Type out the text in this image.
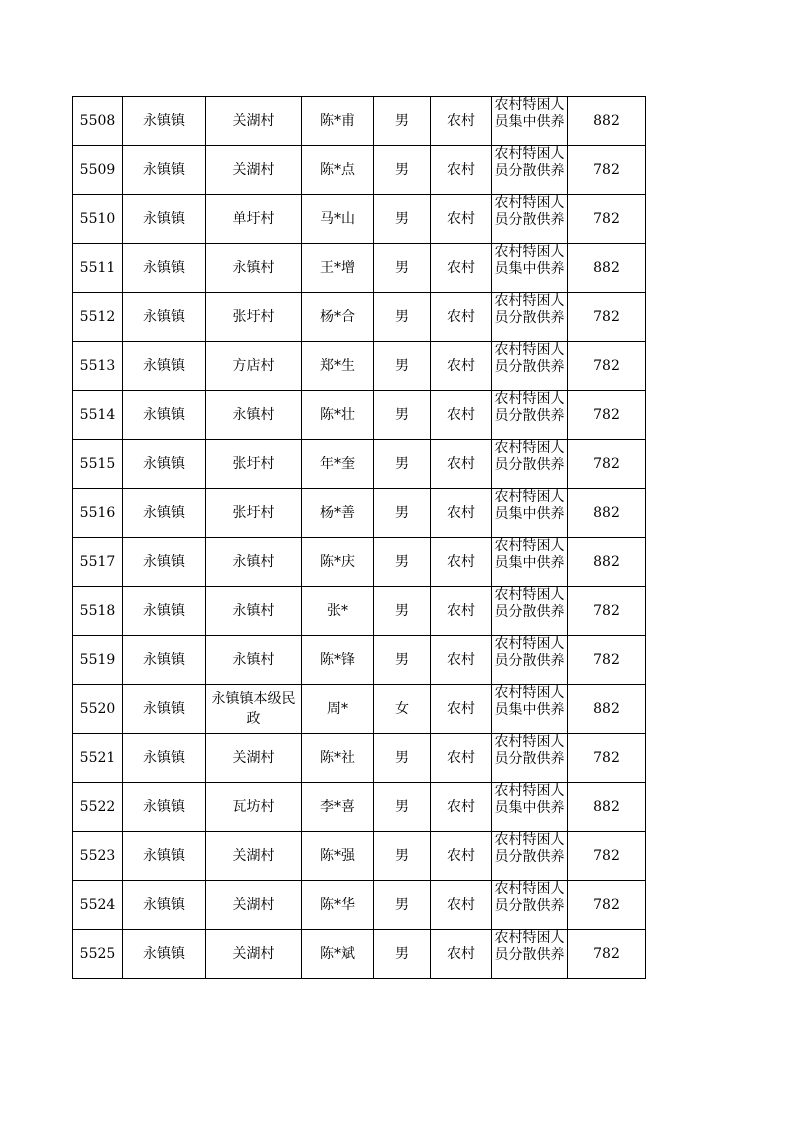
5508	永镇镇	关湖村	陈*甫	男	农村	农村特困人员集中供养	882

5509	永镇镇	关湖村	陈*点	男	农村	农村特困人员分散供养	782

5510	永镇镇	单圩村	马*山	男	农村	农村特困人员分散供养	782

5511	永镇镇	永镇村	王*增	男	农村	农村特困人员集中供养	882

5512	永镇镇	张圩村	杨*合	男	农村	农村特困人员分散供养	782

5513	永镇镇	方店村	郑*生	男	农村	农村特困人员分散供养	782

5514	永镇镇	永镇村	陈*壮	男	农村	农村特困人员分散供养	782

5515	永镇镇	张圩村	年*奎	男	农村	农村特困人员分散供养	782

5516	永镇镇	张圩村	杨*善	男	农村	农村特困人员集中供养	882

5517	永镇镇	永镇村	陈*庆	男	农村	农村特困人员集中供养	882

5518	永镇镇	永镇村	张*	男	农村	农村特困人员分散供养	782

5519	永镇镇	永镇村	陈*锋	男	农村	农村特困人员分散供养	782

5520	永镇镇	永镇镇本级民政	周*	女	农村	农村特困人员集中供养	882

5521	永镇镇	关湖村	陈*社	男	农村	农村特困人员分散供养	782

5522	永镇镇	瓦坊村	李*喜	男	农村	农村特困人员集中供养	882

5523	永镇镇	关湖村	陈*强	男	农村	农村特困人员分散供养	782

5524	永镇镇	关湖村	陈*华	男	农村	农村特困人员分散供养	782

5525	永镇镇	关湖村	陈*斌	男	农村	农村特困人员分散供养	782
